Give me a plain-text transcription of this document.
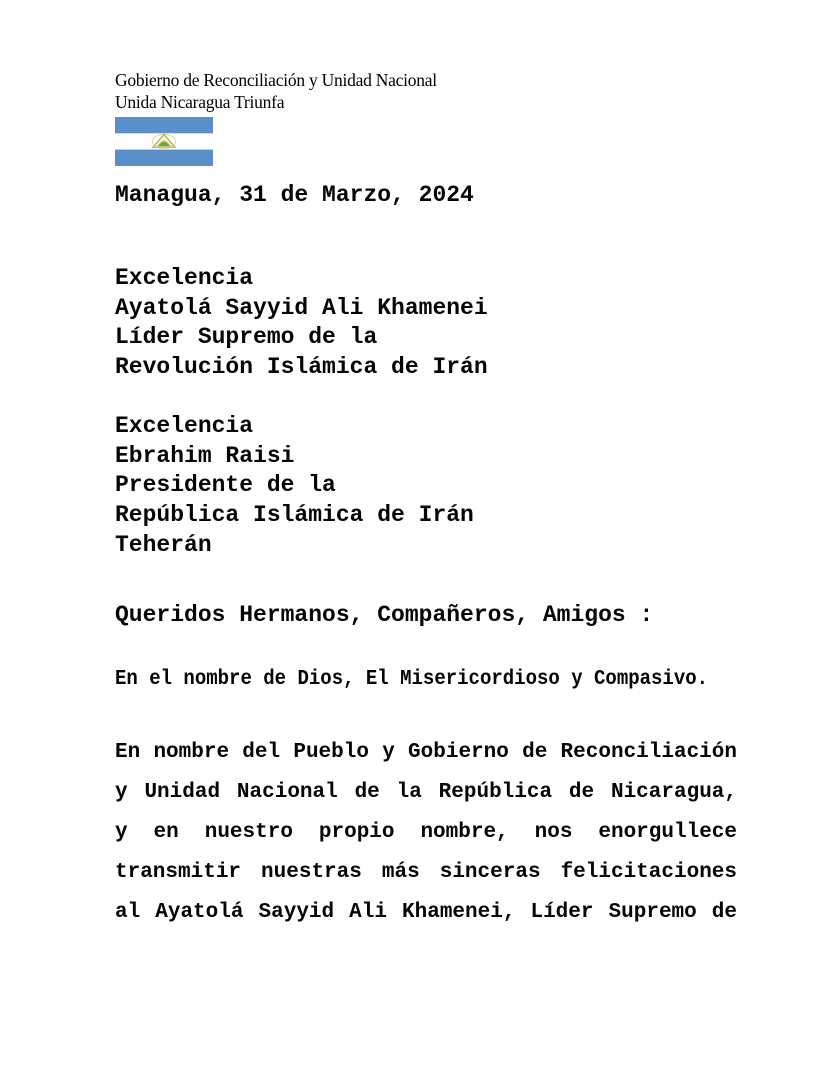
Gobierno de Reconciliación y Unidad Nacional
Unida Nicaragua Triunfa
Managua, 31 de Marzo, 2024
Excelencia
Ayatolá Sayyid Ali Khamenei
Líder Supremo de la
Revolución Islámica de Irán
Excelencia
Ebrahim Raisi
Presidente de la
República Islámica de Irán
Teherán
Queridos Hermanos, Compañeros, Amigos :
En el nombre de Dios, El Misericordioso y Compasivo.
En nombre del Pueblo y Gobierno de Reconciliación
y Unidad Nacional de la República de Nicaragua,
y en nuestro propio nombre, nos enorgullece
transmitir nuestras más sinceras felicitaciones
al Ayatolá Sayyid Ali Khamenei, Líder Supremo de
